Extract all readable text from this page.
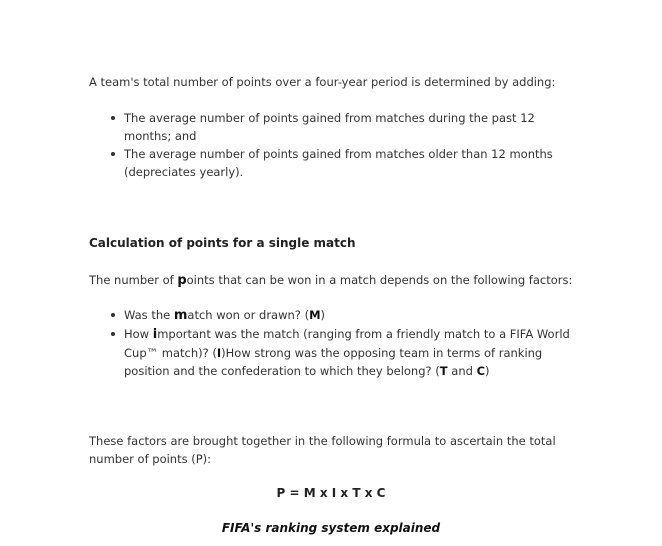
A team's total number of points over a four-year period is determined by adding:

The average number of points gained from matches during the past 12 months; and
The average number of points gained from matches older than 12 months (depreciates yearly).

Calculation of points for a single match

The number of points that can be won in a match depends on the following factors:

Was the match won or drawn? (M)
How important was the match (ranging from a friendly match to a FIFA World Cup™ match)? (I)How strong was the opposing team in terms of ranking position and the confederation to which they belong? (T and C)

These factors are brought together in the following formula to ascertain the total number of points (P):

P = M x I x T x C
FIFA's ranking system explained
